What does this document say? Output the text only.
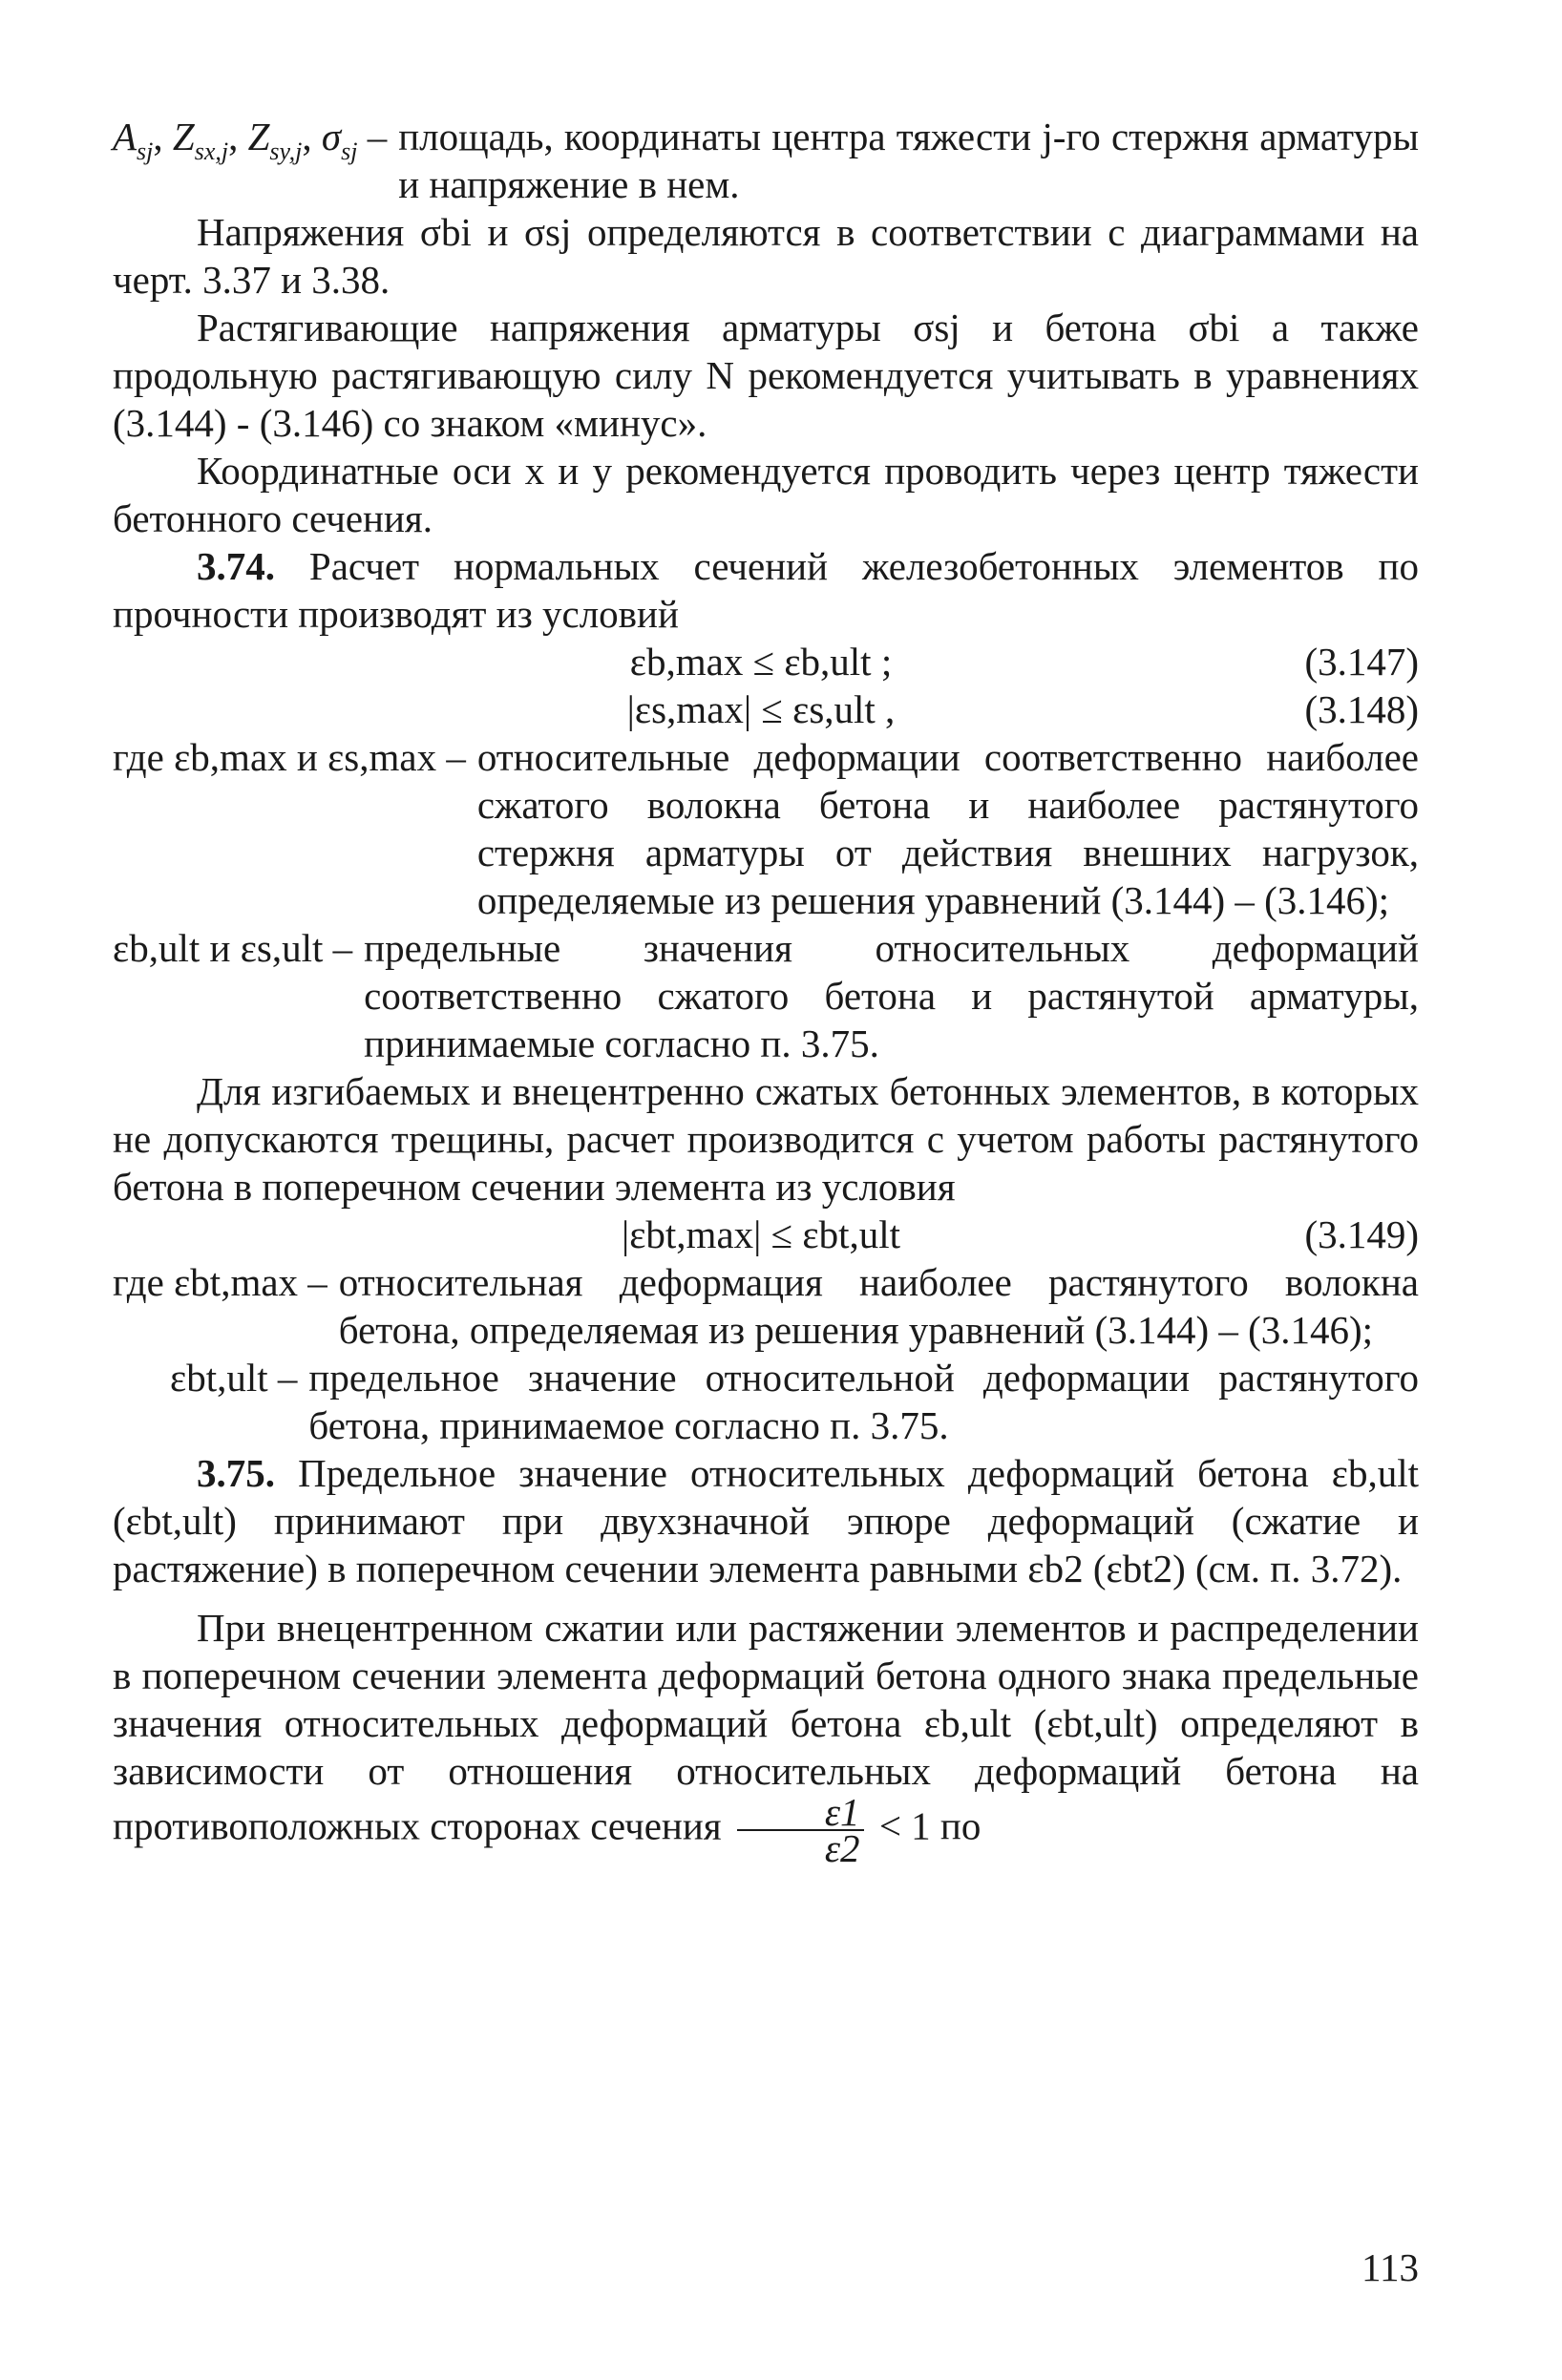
$A_{sj}$, $Z_{sx,j}$, $Z_{sy,j}$, $\sigma_{sj}$ – площадь, координаты центра тяжести j-го стержня арматуры и напряжение в нем.
Напряжения σbi и σsj определяются в соответствии с диаграммами на черт. 3.37 и 3.38.
Растягивающие напряжения арматуры σsj и бетона σbi а также продольную растягивающую силу N рекомендуется учитывать в уравнениях (3.144) - (3.146) со знаком «минус».
Координатные оси x и y рекомендуется проводить через центр тяжести бетонного сечения.
3.74. Расчет нормальных сечений железобетонных элементов по прочности производят из условий
εb,max ≤ εb,ult ;	(3.147)
|εs,max| ≤ εs,ult ,	(3.148)
где εb,max и εs,max – относительные деформации соответственно наиболее сжатого волокна бетона и наиболее растянутого стержня арматуры от действия внешних нагрузок, определяемые из решения уравнений (3.144) – (3.146);
εb,ult и εs,ult – предельные значения относительных деформаций соответственно сжатого бетона и растянутой арматуры, принимаемые согласно п. 3.75.
Для изгибаемых и внецентренно сжатых бетонных элементов, в которых не допускаются трещины, расчет производится с учетом работы растянутого бетона в поперечном сечении элемента из условия
|εbt,max| ≤ εbt,ult	(3.149)
где εbt,max – относительная деформация наиболее растянутого волокна бетона, определяемая из решения уравнений (3.144) – (3.146);
εbt,ult – предельное значение относительной деформации растянутого бетона, принимаемое согласно п. 3.75.
3.75. Предельное значение относительных деформаций бетона εb,ult (εbt,ult) принимают при двухзначной эпюре деформаций (сжатие и растяжение) в поперечном сечении элемента равными εb2 (εbt2) (см. п. 3.72).
При внецентренном сжатии или растяжении элементов и распределении в поперечном сечении элемента деформаций бетона одного знака предельные значения относительных деформаций бетона εb,ult (εbt,ult) определяют в зависимости от отношения относительных деформаций бетона на противоположных сторонах сечения $\frac{\varepsilon 1}{\varepsilon 2} < 1$ по
113
